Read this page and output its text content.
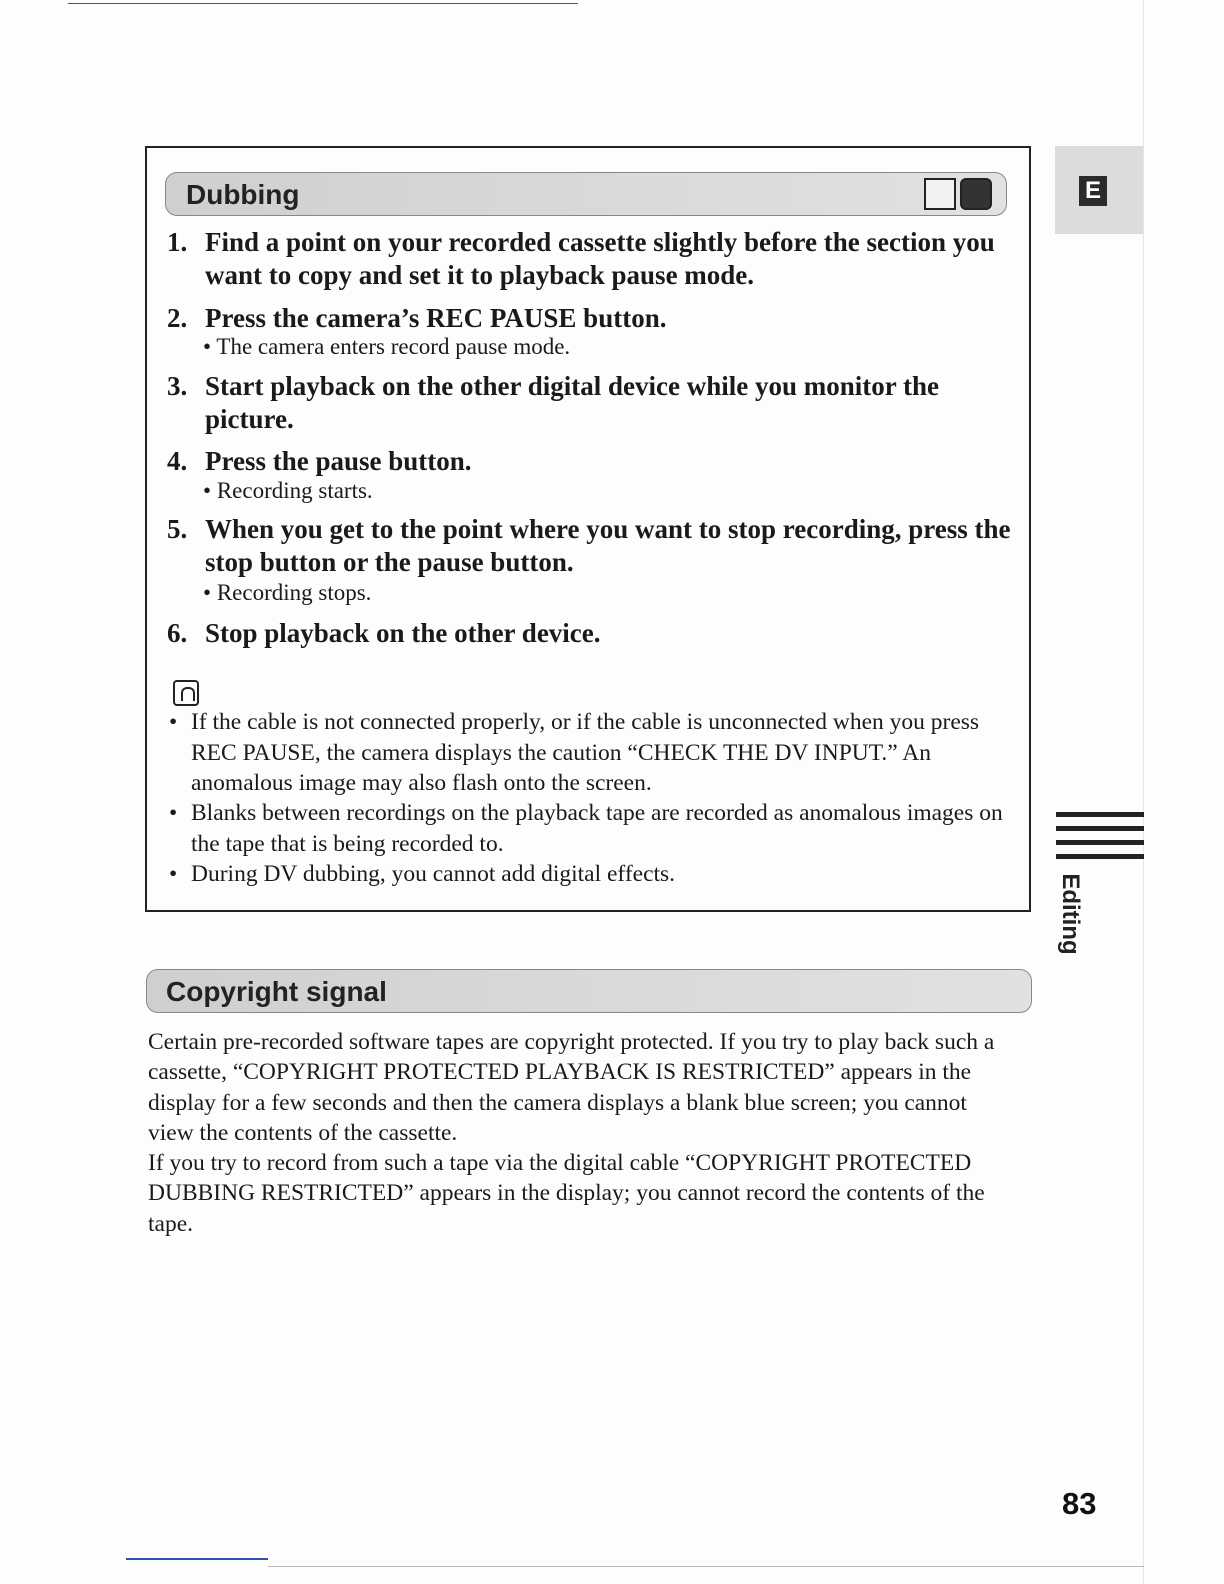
Dubbing
1. Find a point on your recorded cassette slightly before the section you want to copy and set it to playback pause mode.
2. Press the camera’s REC PAUSE button.
• The camera enters record pause mode.
3. Start playback on the other digital device while you monitor the picture.
4. Press the pause button.
• Recording starts.
5. When you get to the point where you want to stop recording, press the stop button or the pause button.
• Recording stops.
6. Stop playback on the other device.
• If the cable is not connected properly, or if the cable is unconnected when you press REC PAUSE, the camera displays the caution “CHECK THE DV INPUT.” An anomalous image may also flash onto the screen.
• Blanks between recordings on the playback tape are recorded as anomalous images on the tape that is being recorded to.
• During DV dubbing, you cannot add digital effects.
Copyright signal

Certain pre-recorded software tapes are copyright protected. If you try to play back such a cassette, “COPYRIGHT PROTECTED PLAYBACK IS RESTRICTED” appears in the display for a few seconds and then the camera displays a blank blue screen; you cannot view the contents of the cassette.

If you try to record from such a tape via the digital cable “COPYRIGHT PROTECTED DUBBING RESTRICTED” appears in the display; you cannot record the contents of the tape.

E
Editing
83
